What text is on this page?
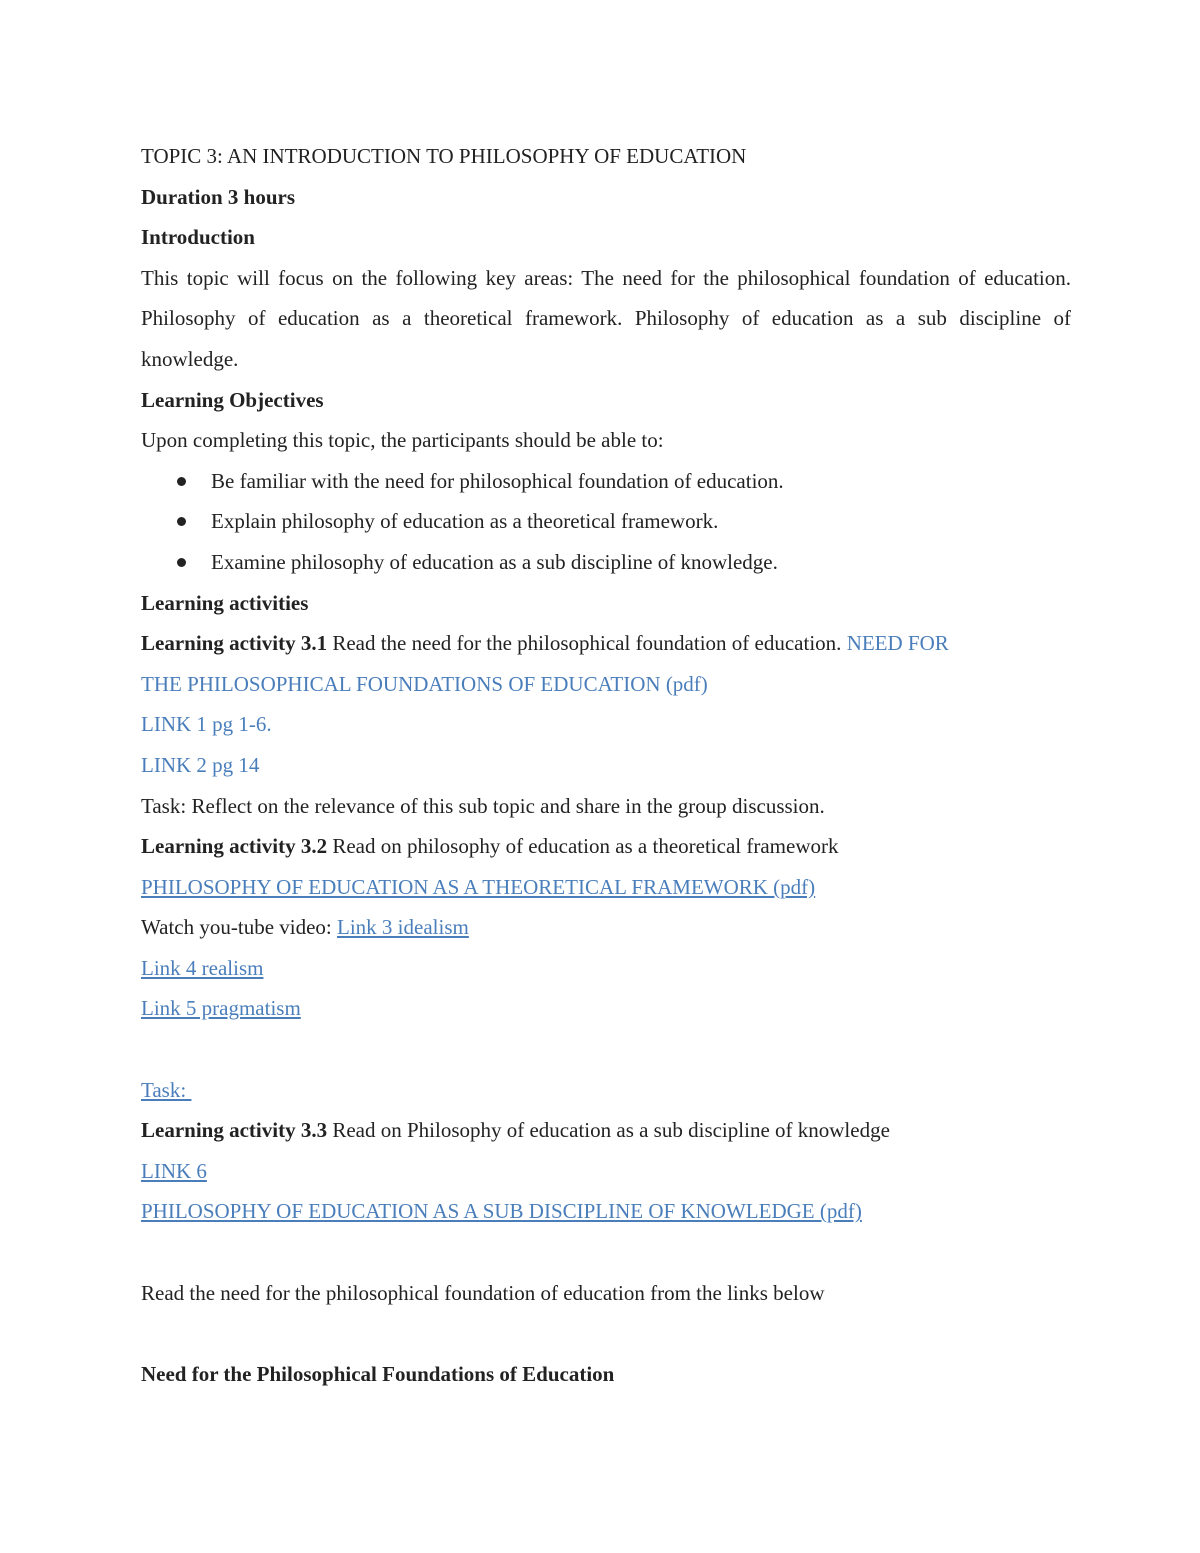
TOPIC 3: AN INTRODUCTION TO PHILOSOPHY OF EDUCATION
Duration 3 hours
Introduction
This topic will focus on the following key areas: The need for the philosophical foundation of education. Philosophy of education as a theoretical framework. Philosophy of education as a sub discipline of knowledge.
Learning Objectives
Upon completing this topic, the participants should be able to:
Be familiar with the need for philosophical foundation of education.
Explain philosophy of education as a theoretical framework.
Examine philosophy of education as a sub discipline of knowledge.
Learning activities
Learning activity 3.1 Read the need for the philosophical foundation of education. NEED FOR
THE PHILOSOPHICAL FOUNDATIONS OF EDUCATION (pdf)
LINK 1 pg 1-6.
LINK 2 pg 14
Task: Reflect on the relevance of this sub topic and share in the group discussion.
Learning activity 3.2 Read on philosophy of education as a theoretical framework
PHILOSOPHY OF EDUCATION AS A THEORETICAL FRAMEWORK (pdf)
Watch you-tube video: Link 3 idealism
Link 4 realism
Link 5 pragmatism
Task:
Learning activity 3.3 Read on Philosophy of education as a sub discipline of knowledge
LINK 6
PHILOSOPHY OF EDUCATION AS A SUB DISCIPLINE OF KNOWLEDGE (pdf)
Read the need for the philosophical foundation of education from the links below
Need for the Philosophical Foundations of Education
